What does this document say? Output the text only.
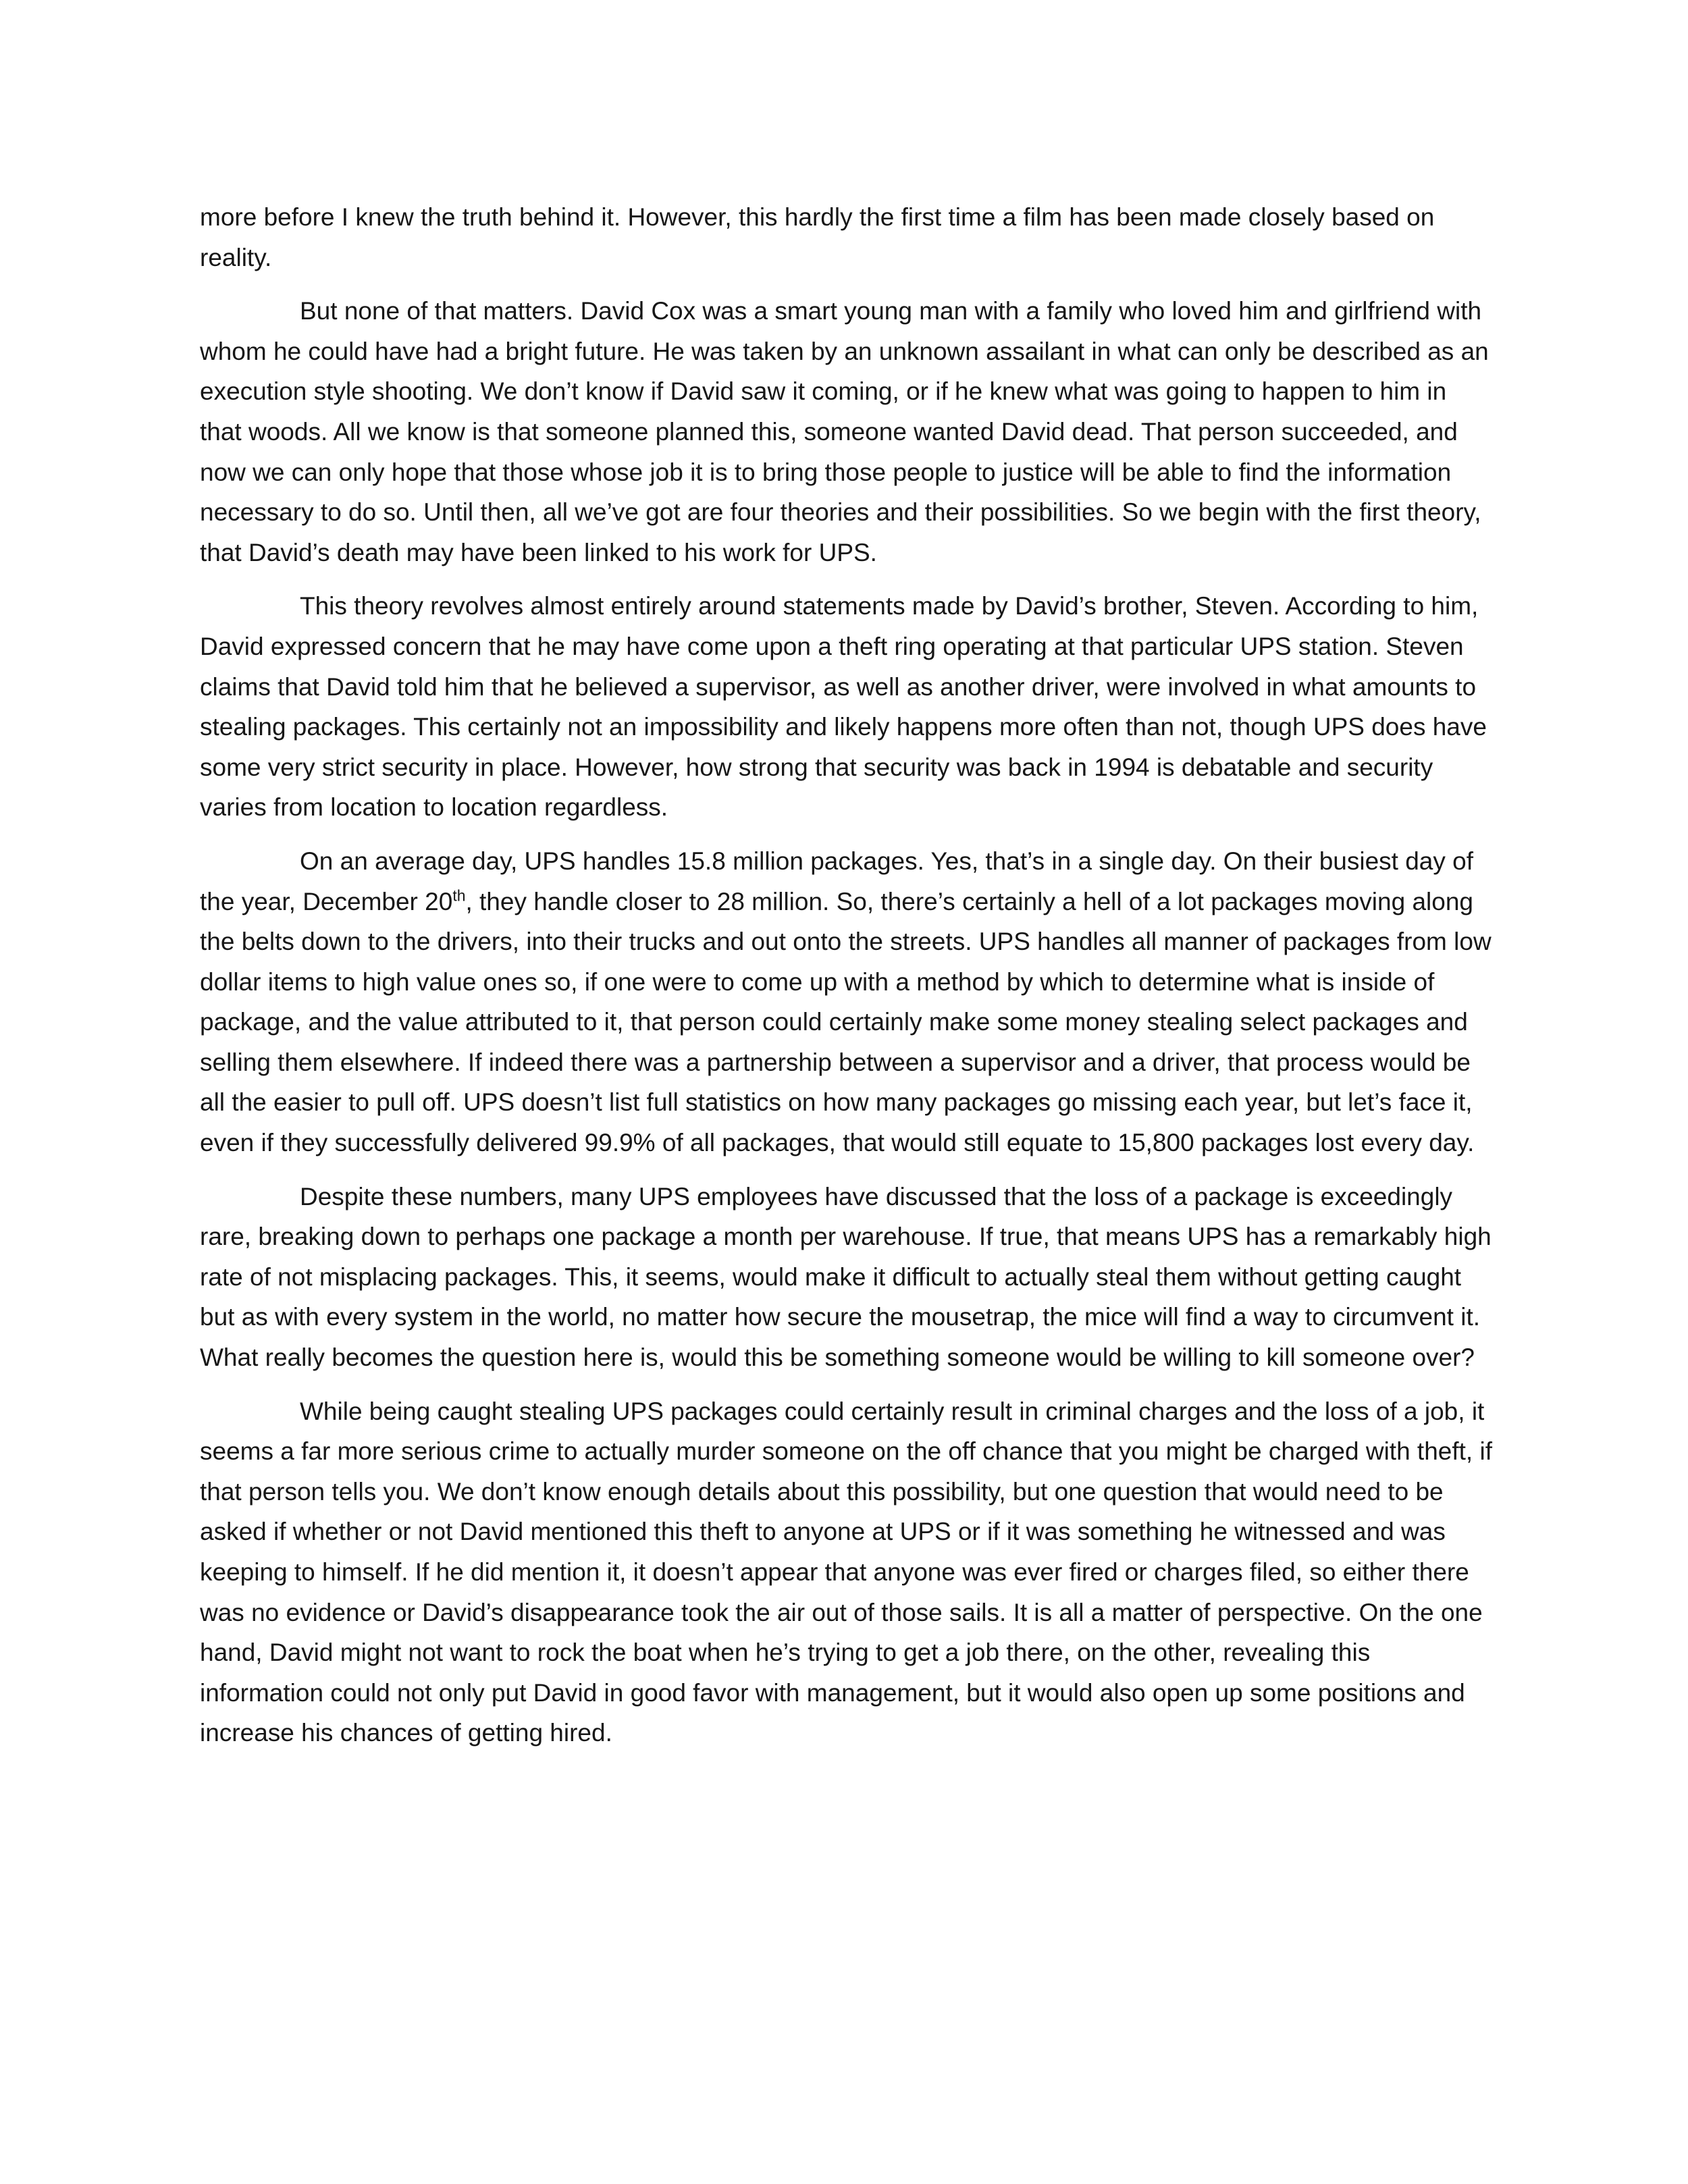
more before I knew the truth behind it. However, this hardly the first time a film has been made closely based on reality.

But none of that matters. David Cox was a smart young man with a family who loved him and girlfriend with whom he could have had a bright future. He was taken by an unknown assailant in what can only be described as an execution style shooting. We don’t know if David saw it coming, or if he knew what was going to happen to him in that woods. All we know is that someone planned this, someone wanted David dead. That person succeeded, and now we can only hope that those whose job it is to bring those people to justice will be able to find the information necessary to do so. Until then, all we’ve got are four theories and their possibilities. So we begin with the first theory, that David’s death may have been linked to his work for UPS.

This theory revolves almost entirely around statements made by David’s brother, Steven. According to him, David expressed concern that he may have come upon a theft ring operating at that particular UPS station. Steven claims that David told him that he believed a supervisor, as well as another driver, were involved in what amounts to stealing packages. This certainly not an impossibility and likely happens more often than not, though UPS does have some very strict security in place. However, how strong that security was back in 1994 is debatable and security varies from location to location regardless.

On an average day, UPS handles 15.8 million packages. Yes, that’s in a single day. On their busiest day of the year, December 20th, they handle closer to 28 million. So, there’s certainly a hell of a lot packages moving along the belts down to the drivers, into their trucks and out onto the streets. UPS handles all manner of packages from low dollar items to high value ones so, if one were to come up with a method by which to determine what is inside of package, and the value attributed to it, that person could certainly make some money stealing select packages and selling them elsewhere. If indeed there was a partnership between a supervisor and a driver, that process would be all the easier to pull off. UPS doesn’t list full statistics on how many packages go missing each year, but let’s face it, even if they successfully delivered 99.9% of all packages, that would still equate to 15,800 packages lost every day.

Despite these numbers, many UPS employees have discussed that the loss of a package is exceedingly rare, breaking down to perhaps one package a month per warehouse. If true, that means UPS has a remarkably high rate of not misplacing packages. This, it seems, would make it difficult to actually steal them without getting caught but as with every system in the world, no matter how secure the mousetrap, the mice will find a way to circumvent it. What really becomes the question here is, would this be something someone would be willing to kill someone over?

While being caught stealing UPS packages could certainly result in criminal charges and the loss of a job, it seems a far more serious crime to actually murder someone on the off chance that you might be charged with theft, if that person tells you. We don’t know enough details about this possibility, but one question that would need to be asked if whether or not David mentioned this theft to anyone at UPS or if it was something he witnessed and was keeping to himself. If he did mention it, it doesn’t appear that anyone was ever fired or charges filed, so either there was no evidence or David’s disappearance took the air out of those sails. It is all a matter of perspective. On the one hand, David might not want to rock the boat when he’s trying to get a job there, on the other, revealing this information could not only put David in good favor with management, but it would also open up some positions and increase his chances of getting hired.
